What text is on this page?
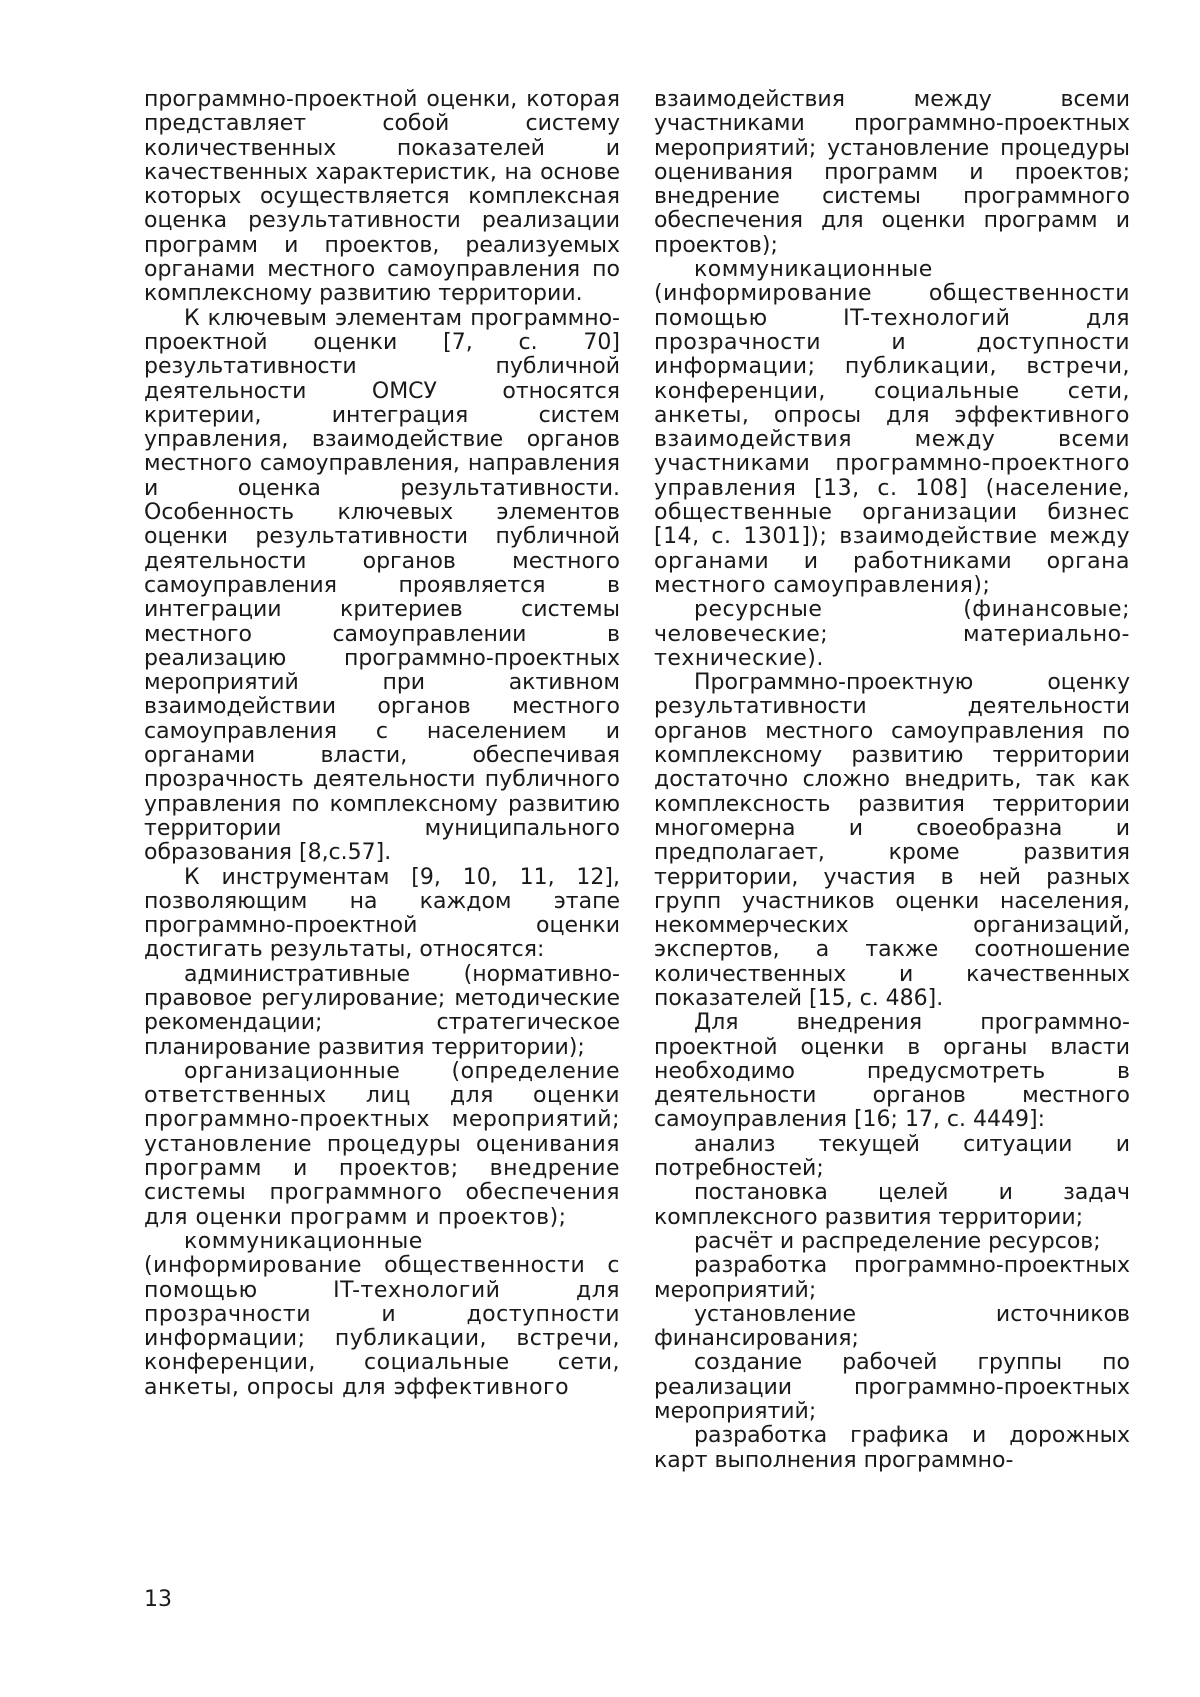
программно-проектной оценки, которая представляет собой систему количественных показателей и качественных характеристик, на основе которых осуществляется комплексная оценка результативности реализации программ и проектов, реализуемых органами местного самоуправления по комплексному развитию территории.

К ключевым элементам программно-проектной оценки [7, с. 70] результативности публичной деятельности ОМСУ относятся критерии, интеграция систем управления, взаимодействие органов местного самоуправления, направления и оценка результативности. Особенность ключевых элементов оценки результативности публичной деятельности органов местного самоуправления проявляется в интеграции критериев системы местного самоуправлении в реализацию программно-проектных мероприятий при активном взаимодействии органов местного самоуправления с населением и органами власти, обеспечивая прозрачность деятельности публичного управления по комплексному развитию территории муниципального образования [8,с.57].

К инструментам [9, 10, 11, 12], позволяющим на каждом этапе программно-проектной оценки достигать результаты, относятся:

административные (нормативно-правовое регулирование; методические рекомендации; стратегическое планирование развития территории);

организационные (определение ответственных лиц для оценки программно-проектных мероприятий; установление процедуры оценивания программ и проектов; внедрение системы программного обеспечения для оценки программ и проектов);

коммуникационные (информирование общественности с помощью IT-технологий для прозрачности и доступности информации; публикации, встречи, конференции, социальные сети, анкеты, опросы для эффективного

взаимодействия между всеми участниками программно-проектных мероприятий; установление процедуры оценивания программ и проектов; внедрение системы программного обеспечения для оценки программ и проектов);

коммуникационные (информирование общественности помощью IT-технологий для прозрачности и доступности информации; публикации, встречи, конференции, социальные сети, анкеты, опросы для эффективного взаимодействия между всеми участниками программно-проектного управления [13, с. 108] (население, общественные организации бизнес [14, с. 1301]); взаимодействие между органами и работниками органа местного самоуправления);

ресурсные (финансовые; человеческие; материально-технические).

Программно-проектную оценку результативности деятельности органов местного самоуправления по комплексному развитию территории достаточно сложно внедрить, так как комплексность развития территории многомерна и своеобразна и предполагает, кроме развития территории, участия в ней разных групп участников оценки населения, некоммерческих организаций, экспертов, а также соотношение количественных и качественных показателей [15, с. 486].

Для внедрения программно-проектной оценки в органы власти необходимо предусмотреть в деятельности органов местного самоуправления [16; 17, с. 4449]:

анализ текущей ситуации и потребностей;

постановка целей и задач комплексного развития территории;

расчёт и распределение ресурсов;

разработка программно-проектных мероприятий;

установление источников финансирования;

создание рабочей группы по реализации программно-проектных мероприятий;

разработка графика и дорожных карт выполнения программно-

13
